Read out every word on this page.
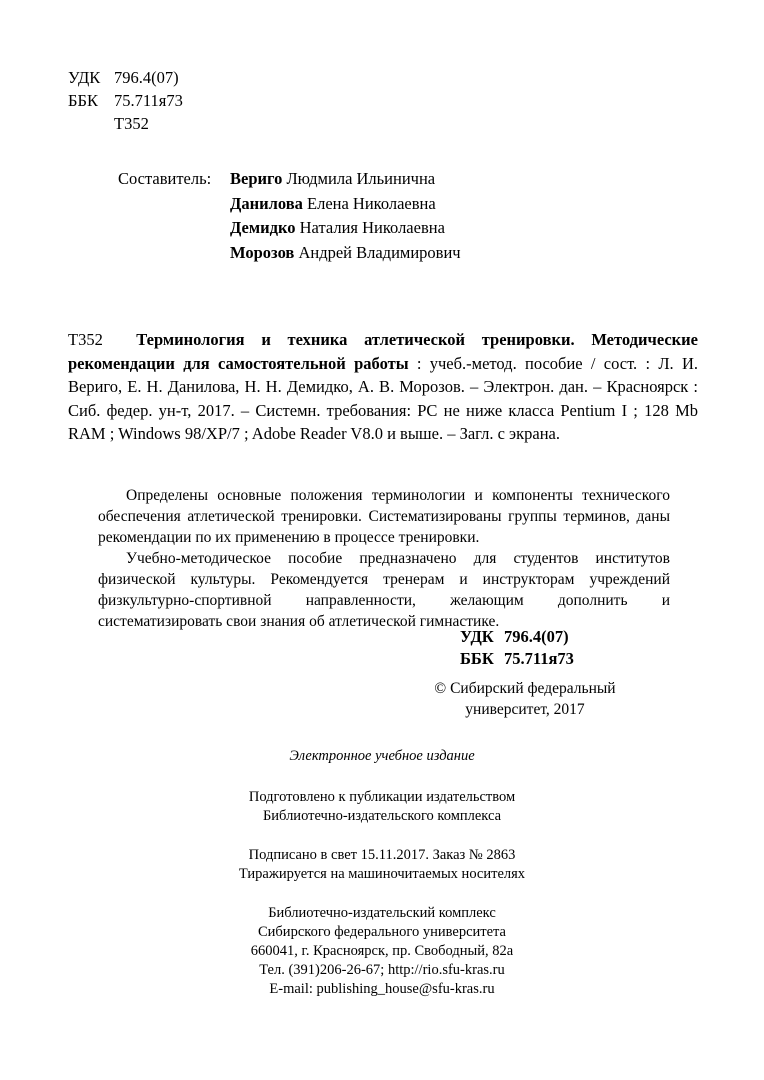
УДК 796.4(07)
ББК 75.711я73
Т352
Составитель: Вериго Людмила Ильинична
Данилова Елена Николаевна
Демидко Наталия Николаевна
Морозов Андрей Владимирович

Т352 Терминология и техника атлетической тренировки. Методические рекомендации для самостоятельной работы : учеб.-метод. пособие / сост. : Л. И. Вериго, Е. Н. Данилова, Н. Н. Демидко, А. В. Морозов. – Электрон. дан. – Красноярск : Сиб. федер. ун-т, 2017. – Системн. требования: PC не ниже класса Pentium I ; 128 Mb RAM ; Windows 98/XP/7 ; Adobe Reader V8.0 и выше. – Загл. с экрана.

Определены основные положения терминологии и компоненты технического обеспечения атлетической тренировки. Систематизированы группы терминов, даны рекомендации по их применению в процессе тренировки.

Учебно-методическое пособие предназначено для студентов институтов физической культуры. Рекомендуется тренерам и инструкторам учреждений физкультурно-спортивной направленности, желающим дополнить и систематизировать свои знания об атлетической гимнастике.

УДК 796.4(07)
ББК 75.711я73
© Сибирский федеральный
университет, 2017
Электронное учебное издание
Подготовлено к публикации издательством
Библиотечно-издательского комплекса
Подписано в свет 15.11.2017. Заказ № 2863
Тиражируется на машиночитаемых носителях
Библиотечно-издательский комплекс
Сибирского федерального университета
660041, г. Красноярск, пр. Свободный, 82а
Тел. (391)206-26-67; http://rio.sfu-kras.ru
E-mail: publishing_house@sfu-kras.ru
